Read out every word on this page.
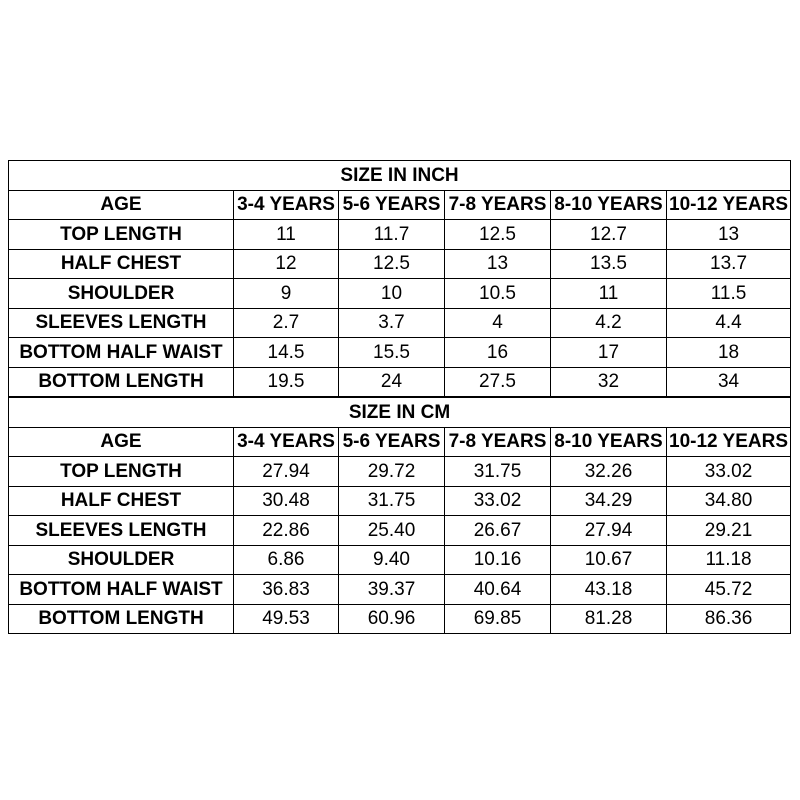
SIZE IN INCH					
AGE	3-4 YEARS	5-6 YEARS	7-8 YEARS	8-10 YEARS	10-12 YEARS
TOP LENGTH	11	11.7	12.5	12.7	13
HALF CHEST	12	12.5	13	13.5	13.7
SHOULDER	9	10	10.5	11	11.5
SLEEVES LENGTH	2.7	3.7	4	4.2	4.4
BOTTOM HALF WAIST	14.5	15.5	16	17	18
BOTTOM LENGTH	19.5	24	27.5	32	34
SIZE IN CM					
AGE	3-4 YEARS	5-6 YEARS	7-8 YEARS	8-10 YEARS	10-12 YEARS
TOP LENGTH	27.94	29.72	31.75	32.26	33.02
HALF CHEST	30.48	31.75	33.02	34.29	34.80
SLEEVES LENGTH	22.86	25.40	26.67	27.94	29.21
SHOULDER	6.86	9.40	10.16	10.67	11.18
BOTTOM HALF WAIST	36.83	39.37	40.64	43.18	45.72
BOTTOM LENGTH	49.53	60.96	69.85	81.28	86.36
